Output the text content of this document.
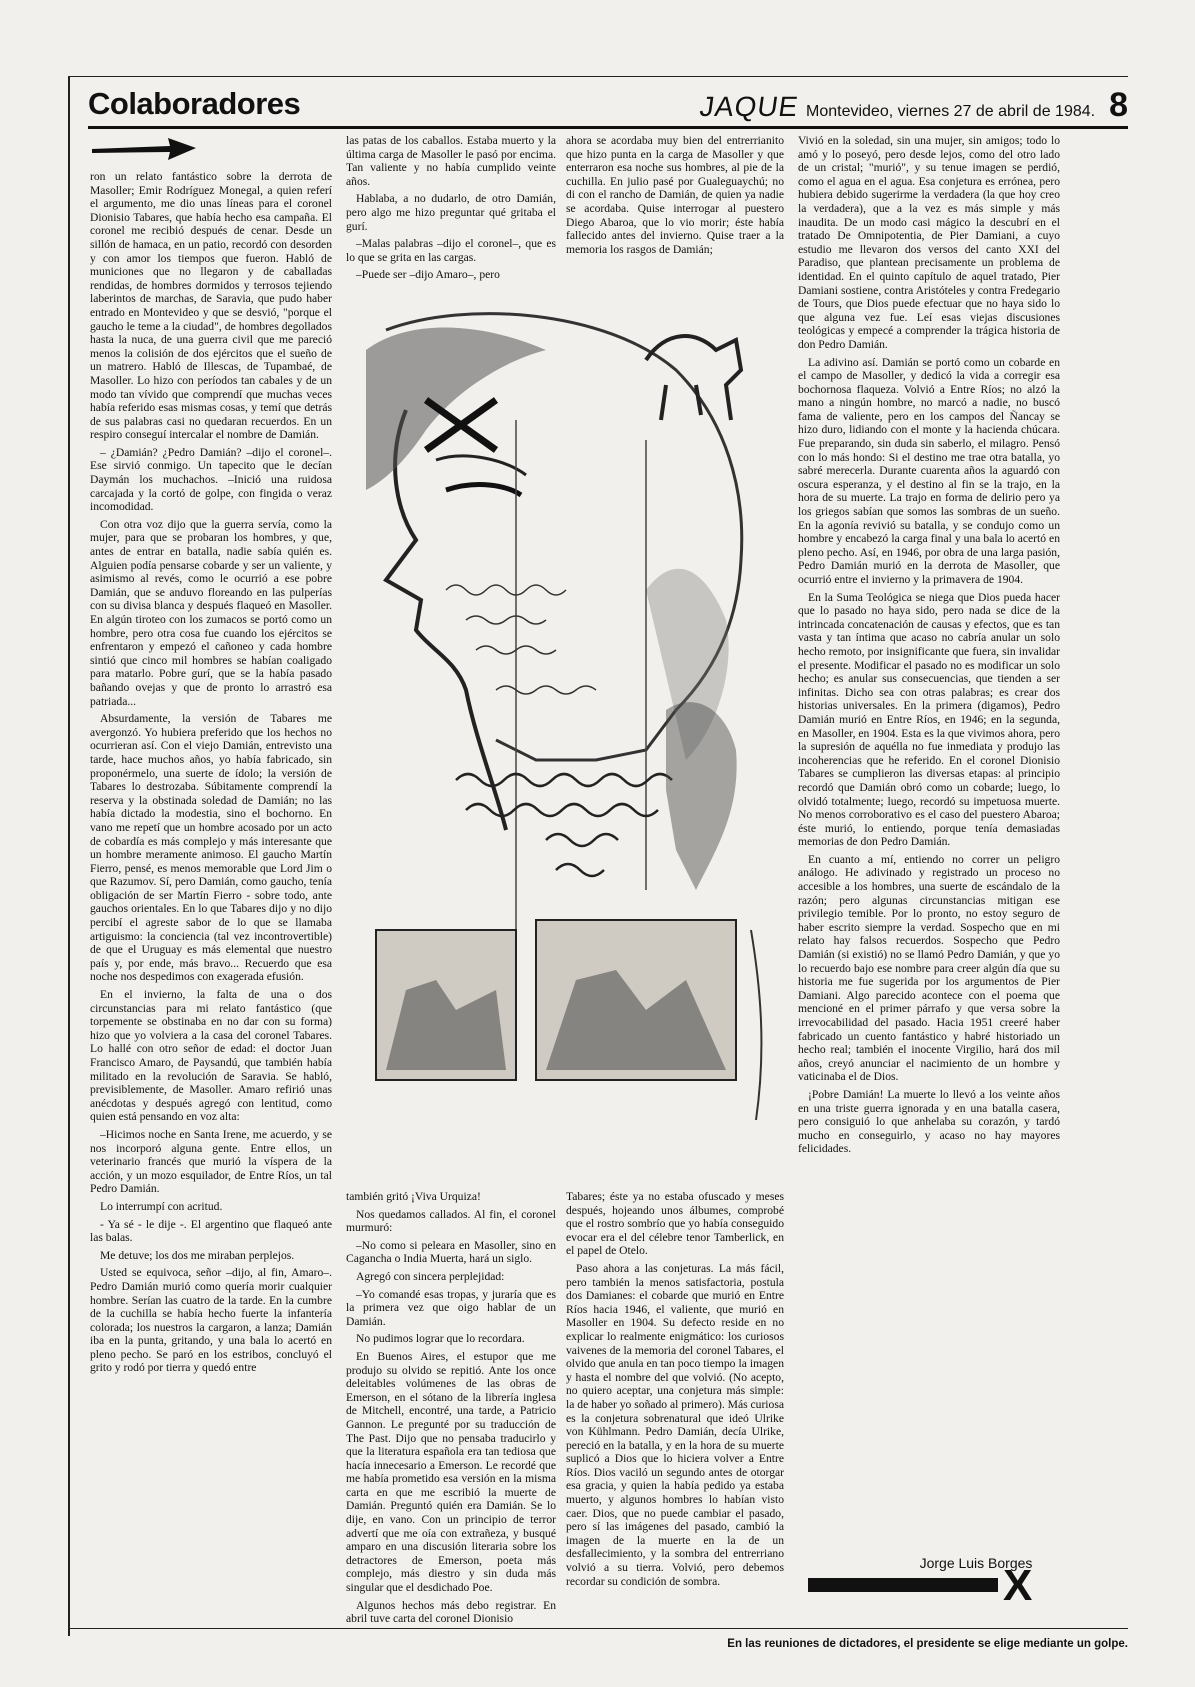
Colaboradores	JAQUE Montevideo, viernes 27 de abril de 1984. 8

ron un relato fantástico sobre la derrota de Masoller; Emir Rodríguez Monegal, a quien referí el argumento, me dio unas líneas para el coronel Dionisio Tabares, que había hecho esa campaña. El coronel me recibió después de cenar. Desde un sillón de hamaca, en un patio, recordó con desorden y con amor los tiempos que fueron. Habló de municiones que no llegaron y de caballadas rendidas, de hombres dormidos y terrosos tejiendo laberintos de marchas, de Saravia, que pudo haber entrado en Montevideo y que se desvió, "porque el gaucho le teme a la ciudad", de hombres degollados hasta la nuca, de una guerra civil que me pareció menos la colisión de dos ejércitos que el sueño de un matrero. Habló de Illescas, de Tupambaé, de Masoller. Lo hizo con períodos tan cabales y de un modo tan vívido que comprendí que muchas veces había referido esas mismas cosas, y temí que detrás de sus palabras casi no quedaran recuerdos. En un respiro conseguí intercalar el nombre de Damián.

– ¿Damián? ¿Pedro Damián? –dijo el coronel–. Ese sirvió conmigo. Un tapecito que le decían Daymán los muchachos. –Inició una ruidosa carcajada y la cortó de golpe, con fingida o veraz incomodidad.

Con otra voz dijo que la guerra servía, como la mujer, para que se probaran los hombres, y que, antes de entrar en batalla, nadie sabía quién es. Alguien podía pensarse cobarde y ser un valiente, y asimismo al revés, como le ocurrió a ese pobre Damián, que se anduvo floreando en las pulperías con su divisa blanca y después flaqueó en Masoller. En algún tiroteo con los zumacos se portó como un hombre, pero otra cosa fue cuando los ejércitos se enfrentaron y empezó el cañoneo y cada hombre sintió que cinco mil hombres se habían coaligado para matarlo. Pobre gurí, que se la había pasado bañando ovejas y que de pronto lo arrastró esa patriada...

Absurdamente, la versión de Tabares me avergonzó. Yo hubiera preferido que los hechos no ocurrieran así. Con el viejo Damián, entrevisto una tarde, hace muchos años, yo había fabricado, sin proponérmelo, una suerte de ídolo; la versión de Tabares lo destrozaba. Súbitamente comprendí la reserva y la obstinada soledad de Damián; no las había dictado la modestia, sino el bochorno. En vano me repetí que un hombre acosado por un acto de cobardía es más complejo y más interesante que un hombre meramente animoso. El gaucho Martín Fierro, pensé, es menos memorable que Lord Jim o que Razumov. Sí, pero Damián, como gaucho, tenía obligación de ser Martín Fierro - sobre todo, ante gauchos orientales. En lo que Tabares dijo y no dijo percibí el agreste sabor de lo que se llamaba artiguismo: la conciencia (tal vez incontrovertible) de que el Uruguay es más elemental que nuestro país y, por ende, más bravo... Recuerdo que esa noche nos despedimos con exagerada efusión.

En el invierno, la falta de una o dos circunstancias para mi relato fantástico (que torpemente se obstinaba en no dar con su forma) hizo que yo volviera a la casa del coronel Tabares. Lo hallé con otro señor de edad: el doctor Juan Francisco Amaro, de Paysandú, que también había militado en la revolución de Saravia. Se habló, previsiblemente, de Masoller. Amaro refirió unas anécdotas y después agregó con lentitud, como quien está pensando en voz alta:

–Hicimos noche en Santa Irene, me acuerdo, y se nos incorporó alguna gente. Entre ellos, un veterinario francés que murió la víspera de la acción, y un mozo esquilador, de Entre Ríos, un tal Pedro Damián.

Lo interrumpí con acritud.

- Ya sé - le dije -. El argentino que flaqueó ante las balas.

Me detuve; los dos me miraban perplejos.

Usted se equivoca, señor –dijo, al fin, Amaro–. Pedro Damián murió como quería morir cualquier hombre. Serían las cuatro de la tarde. En la cumbre de la cuchilla se había hecho fuerte la infantería colorada; los nuestros la cargaron, a lanza; Damián iba en la punta, gritando, y una bala lo acertó en pleno pecho. Se paró en los estribos, concluyó el grito y rodó por tierra y quedó entre

las patas de los caballos. Estaba muerto y la última carga de Masoller le pasó por encima. Tan valiente y no había cumplido veinte años.

Hablaba, a no dudarlo, de otro Damián, pero algo me hizo preguntar qué gritaba el gurí.

–Malas palabras –dijo el coronel–, que es lo que se grita en las cargas.

–Puede ser –dijo Amaro–, pero

ahora se acordaba muy bien del entrerrianito que hizo punta en la carga de Masoller y que enterraron esa noche sus hombres, al pie de la cuchilla. En julio pasé por Gualeguaychú; no di con el rancho de Damián, de quien ya nadie se acordaba. Quise interrogar al puestero Diego Abaroa, que lo vio morir; éste había fallecido antes del invierno. Quise traer a la memoria los rasgos de Damián;

también gritó ¡Viva Urquiza!

Nos quedamos callados. Al fin, el coronel murmuró:

–No como si peleara en Masoller, sino en Cagancha o India Muerta, hará un siglo.

Agregó con sincera perplejidad:

–Yo comandé esas tropas, y juraría que es la primera vez que oigo hablar de un Damián.

No pudimos lograr que lo recordara.

En Buenos Aires, el estupor que me produjo su olvido se repitió. Ante los once deleitables volúmenes de las obras de Emerson, en el sótano de la librería inglesa de Mitchell, encontré, una tarde, a Patricio Gannon. Le pregunté por su traducción de The Past. Dijo que no pensaba traducirlo y que la literatura española era tan tediosa que hacía innecesario a Emerson. Le recordé que me había prometido esa versión en la misma carta en que me escribió la muerte de Damián. Preguntó quién era Damián. Se lo dije, en vano. Con un principio de terror advertí que me oía con extrañeza, y busqué amparo en una discusión literaria sobre los detractores de Emerson, poeta más complejo, más diestro y sin duda más singular que el desdichado Poe.

Algunos hechos más debo registrar. En abril tuve carta del coronel Dionisio

Tabares; éste ya no estaba ofuscado y meses después, hojeando unos álbumes, comprobé que el rostro sombrío que yo había conseguido evocar era el del célebre tenor Tamberlick, en el papel de Otelo.

Paso ahora a las conjeturas. La más fácil, pero también la menos satisfactoria, postula dos Damianes: el cobarde que murió en Entre Ríos hacia 1946, el valiente, que murió en Masoller en 1904. Su defecto reside en no explicar lo realmente enigmático: los curiosos vaivenes de la memoria del coronel Tabares, el olvido que anula en tan poco tiempo la imagen y hasta el nombre del que volvió. (No acepto, no quiero aceptar, una conjetura más simple: la de haber yo soñado al primero). Más curiosa es la conjetura sobrenatural que ideó Ulrike von Kühlmann. Pedro Damián, decía Ulrike, pereció en la batalla, y en la hora de su muerte suplicó a Dios que lo hiciera volver a Entre Ríos. Dios vaciló un segundo antes de otorgar esa gracia, y quien la había pedido ya estaba muerto, y algunos hombres lo habían visto caer. Dios, que no puede cambiar el pasado, pero sí las imágenes del pasado, cambió la imagen de la muerte en la de un desfallecimiento, y la sombra del entrerriano volvió a su tierra. Volvió, pero debemos recordar su condición de sombra.

Vivió en la soledad, sin una mujer, sin amigos; todo lo amó y lo poseyó, pero desde lejos, como del otro lado de un cristal; "murió", y su tenue imagen se perdió, como el agua en el agua. Esa conjetura es errónea, pero hubiera debido sugerirme la verdadera (la que hoy creo la verdadera), que a la vez es más simple y más inaudita. De un modo casi mágico la descubrí en el tratado De Omnipotentia, de Pier Damiani, a cuyo estudio me llevaron dos versos del canto XXI del Paradiso, que plantean precisamente un problema de identidad. En el quinto capítulo de aquel tratado, Pier Damiani sostiene, contra Aristóteles y contra Fredegario de Tours, que Dios puede efectuar que no haya sido lo que alguna vez fue. Leí esas viejas discusiones teológicas y empecé a comprender la trágica historia de don Pedro Damián.

La adivino así. Damián se portó como un cobarde en el campo de Masoller, y dedicó la vida a corregir esa bochornosa flaqueza. Volvió a Entre Ríos; no alzó la mano a ningún hombre, no marcó a nadie, no buscó fama de valiente, pero en los campos del Ñancay se hizo duro, lidiando con el monte y la hacienda chúcara. Fue preparando, sin duda sin saberlo, el milagro. Pensó con lo más hondo: Si el destino me trae otra batalla, yo sabré merecerla. Durante cuarenta años la aguardó con oscura esperanza, y el destino al fin se la trajo, en la hora de su muerte. La trajo en forma de delirio pero ya los griegos sabían que somos las sombras de un sueño. En la agonía revivió su batalla, y se condujo como un hombre y encabezó la carga final y una bala lo acertó en pleno pecho. Así, en 1946, por obra de una larga pasión, Pedro Damián murió en la derrota de Masoller, que ocurrió entre el invierno y la primavera de 1904.

En la Suma Teológica se niega que Dios pueda hacer que lo pasado no haya sido, pero nada se dice de la intrincada concatenación de causas y efectos, que es tan vasta y tan íntima que acaso no cabría anular un solo hecho remoto, por insignificante que fuera, sin invalidar el presente. Modificar el pasado no es modificar un solo hecho; es anular sus consecuencias, que tienden a ser infinitas. Dicho sea con otras palabras; es crear dos historias universales. En la primera (digamos), Pedro Damián murió en Entre Ríos, en 1946; en la segunda, en Masoller, en 1904. Esta es la que vivimos ahora, pero la supresión de aquélla no fue inmediata y produjo las incoherencias que he referido. En el coronel Dionisio Tabares se cumplieron las diversas etapas: al principio recordó que Damián obró como un cobarde; luego, lo olvidó totalmente; luego, recordó su impetuosa muerte. No menos corroborativo es el caso del puestero Abaroa; éste murió, lo entiendo, porque tenía demasiadas memorias de don Pedro Damián.

En cuanto a mí, entiendo no correr un peligro análogo. He adivinado y registrado un proceso no accesible a los hombres, una suerte de escándalo de la razón; pero algunas circunstancias mitigan ese privilegio temible. Por lo pronto, no estoy seguro de haber escrito siempre la verdad. Sospecho que en mi relato hay falsos recuerdos. Sospecho que Pedro Damián (si existió) no se llamó Pedro Damián, y que yo lo recuerdo bajo ese nombre para creer algún día que su historia me fue sugerida por los argumentos de Pier Damiani. Algo parecido acontece con el poema que mencioné en el primer párrafo y que versa sobre la irrevocabilidad del pasado. Hacia 1951 creeré haber fabricado un cuento fantástico y habré historiado un hecho real; también el inocente Virgilio, hará dos mil años, creyó anunciar el nacimiento de un hombre y vaticinaba el de Dios.

¡Pobre Damián! La muerte lo llevó a los veinte años en una triste guerra ignorada y en una batalla casera, pero consiguió lo que anhelaba su corazón, y tardó mucho en conseguirlo, y acaso no hay mayores felicidades.

Jorge Luis Borges
X
En las reuniones de dictadores, el presidente se elige mediante un golpe.
